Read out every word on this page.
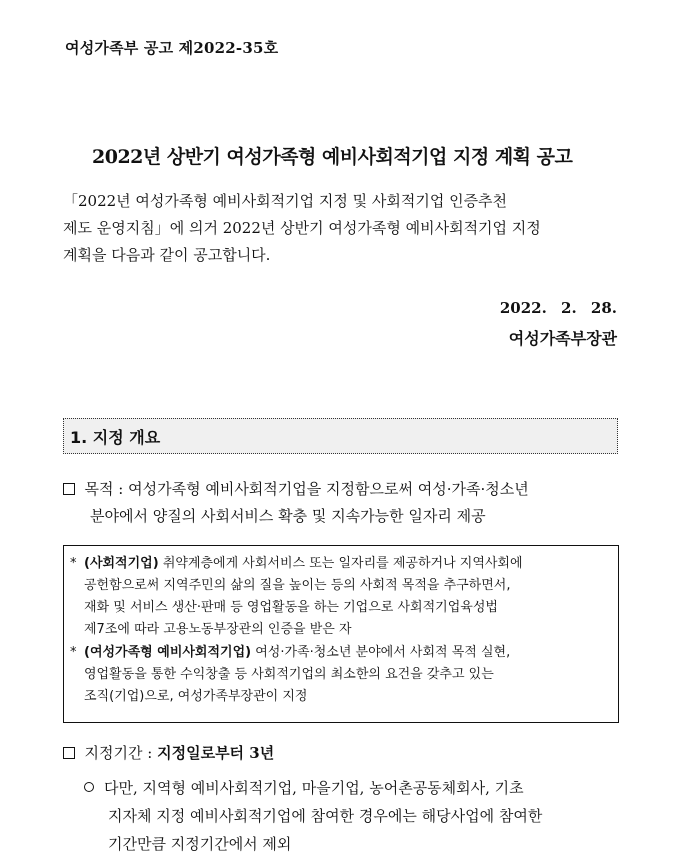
여성가족부 공고 제2022-35호
2022년 상반기 여성가족형 예비사회적기업 지정 계획 공고
「2022년 여성가족형 예비사회적기업 지정 및 사회적기업 인증추천
제도 운영지침」에 의거 2022년 상반기 여성가족형 예비사회적기업 지정
계획을 다음과 같이 공고합니다.
2022. 2. 28.
여성가족부장관
1. 지정 개요
목적 : 여성가족형 예비사회적기업을 지정함으로써 여성·가족·청소년
분야에서 양질의 사회서비스 확충 및 지속가능한 일자리 제공
* (사회적기업) 취약계층에게 사회서비스 또는 일자리를 제공하거나 지역사회에
공헌함으로써 지역주민의 삶의 질을 높이는 등의 사회적 목적을 추구하면서,
재화 및 서비스 생산·판매 등 영업활동을 하는 기업으로 사회적기업육성법
제7조에 따라 고용노동부장관의 인증을 받은 자
* (여성가족형 예비사회적기업) 여성·가족·청소년 분야에서 사회적 목적 실현,
영업활동을 통한 수익창출 등 사회적기업의 최소한의 요건을 갖추고 있는
조직(기업)으로, 여성가족부장관이 지정
지정기간 : 지정일로부터 3년
다만, 지역형 예비사회적기업, 마을기업, 농어촌공동체회사, 기초
지자체 지정 예비사회적기업에 참여한 경우에는 해당사업에 참여한
기간만큼 지정기간에서 제외
